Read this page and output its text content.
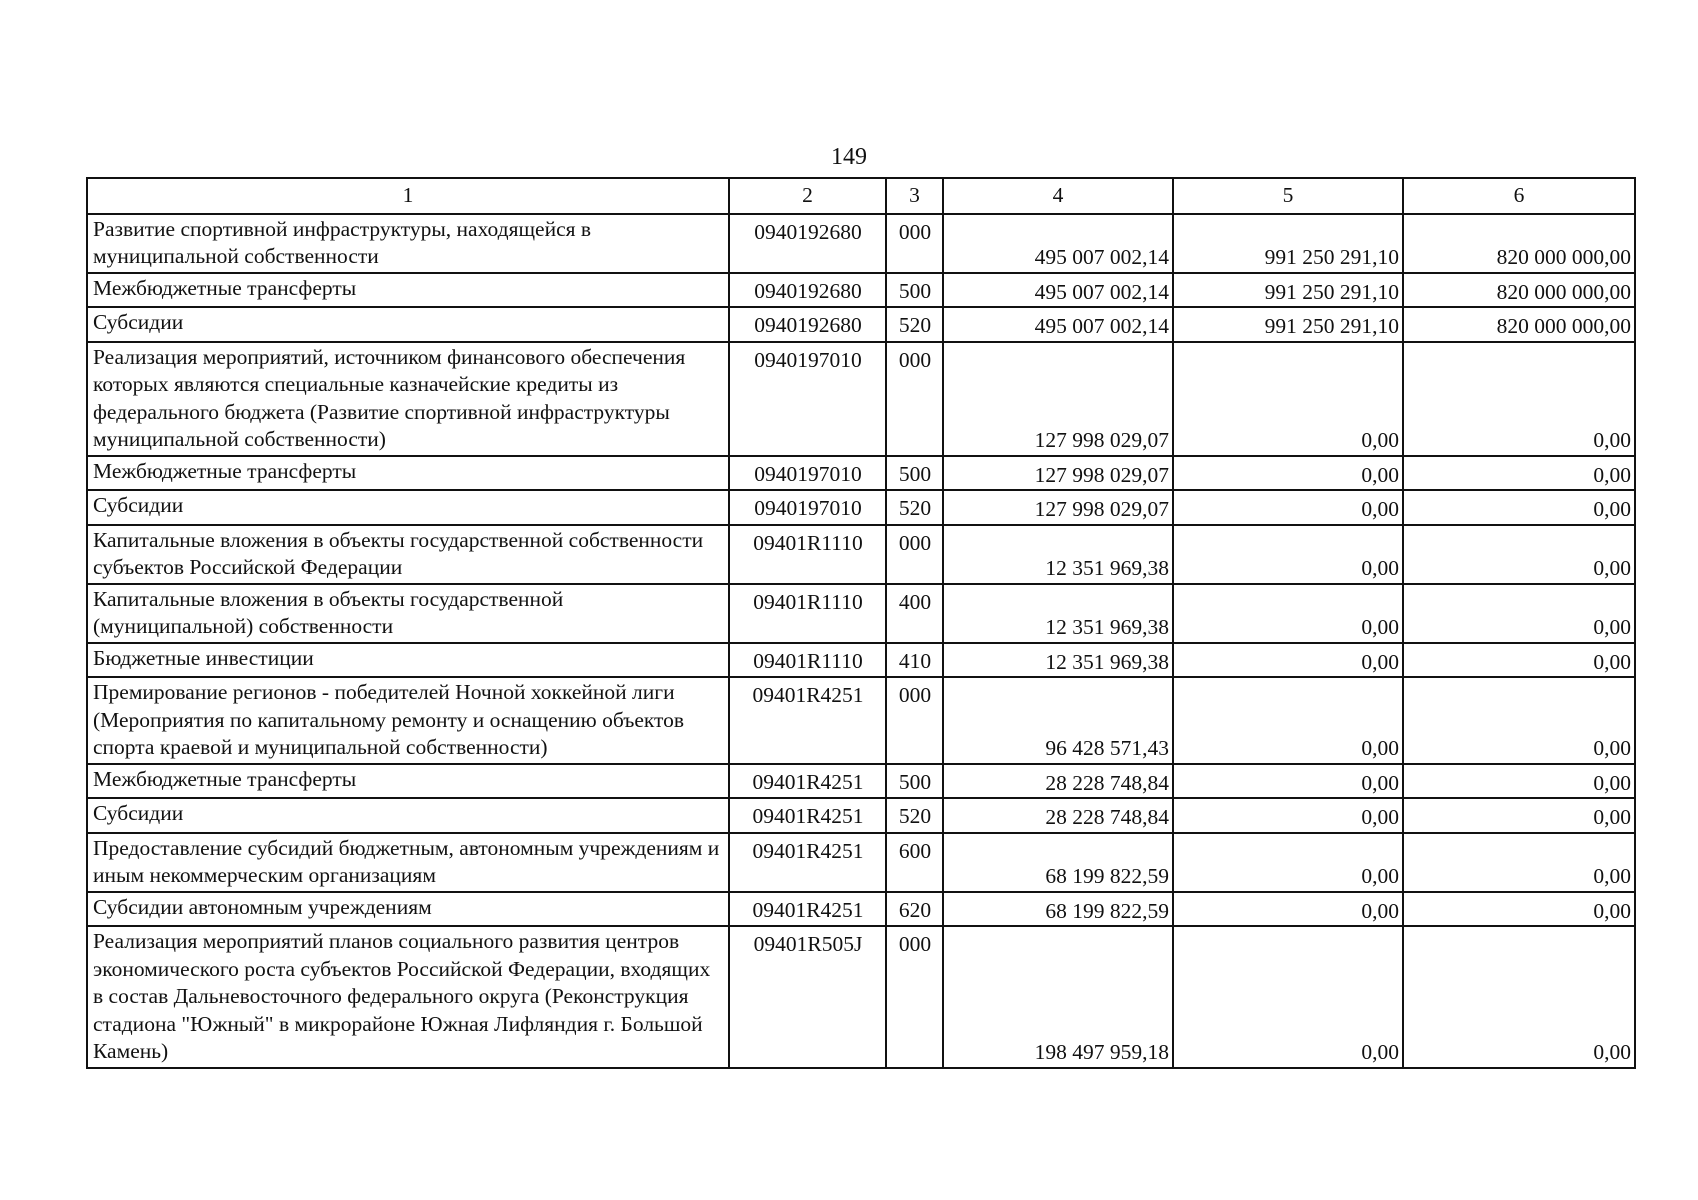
149
1	2	3	4	5	6
Развитие спортивной инфраструктуры, находящейся в муниципальной собственности	0940192680	000	495 007 002,14	991 250 291,10	820 000 000,00
Межбюджетные трансферты	0940192680	500	495 007 002,14	991 250 291,10	820 000 000,00
Субсидии	0940192680	520	495 007 002,14	991 250 291,10	820 000 000,00
Реализация мероприятий, источником финансового обеспечения которых являются специальные казначейские кредиты из федерального бюджета (Развитие спортивной инфраструктуры муниципальной собственности)	0940197010	000	127 998 029,07	0,00	0,00
Межбюджетные трансферты	0940197010	500	127 998 029,07	0,00	0,00
Субсидии	0940197010	520	127 998 029,07	0,00	0,00
Капитальные вложения в объекты государственной собственности субъектов Российской Федерации	09401R1110	000	12 351 969,38	0,00	0,00
Капитальные вложения в объекты государственной (муниципальной) собственности	09401R1110	400	12 351 969,38	0,00	0,00
Бюджетные инвестиции	09401R1110	410	12 351 969,38	0,00	0,00
Премирование регионов - победителей Ночной хоккейной лиги (Мероприятия по капитальному ремонту и оснащению объектов спорта краевой и муниципальной собственности)	09401R4251	000	96 428 571,43	0,00	0,00
Межбюджетные трансферты	09401R4251	500	28 228 748,84	0,00	0,00
Субсидии	09401R4251	520	28 228 748,84	0,00	0,00
Предоставление субсидий бюджетным, автономным учреждениям и иным некоммерческим организациям	09401R4251	600	68 199 822,59	0,00	0,00
Субсидии автономным учреждениям	09401R4251	620	68 199 822,59	0,00	0,00
Реализация мероприятий планов социального развития центров экономического роста субъектов Российской Федерации, входящих в состав Дальневосточного федерального округа (Реконструкция стадиона "Южный" в микрорайоне Южная Лифляндия г. Большой Камень)	09401R505J	000	198 497 959,18	0,00	0,00
